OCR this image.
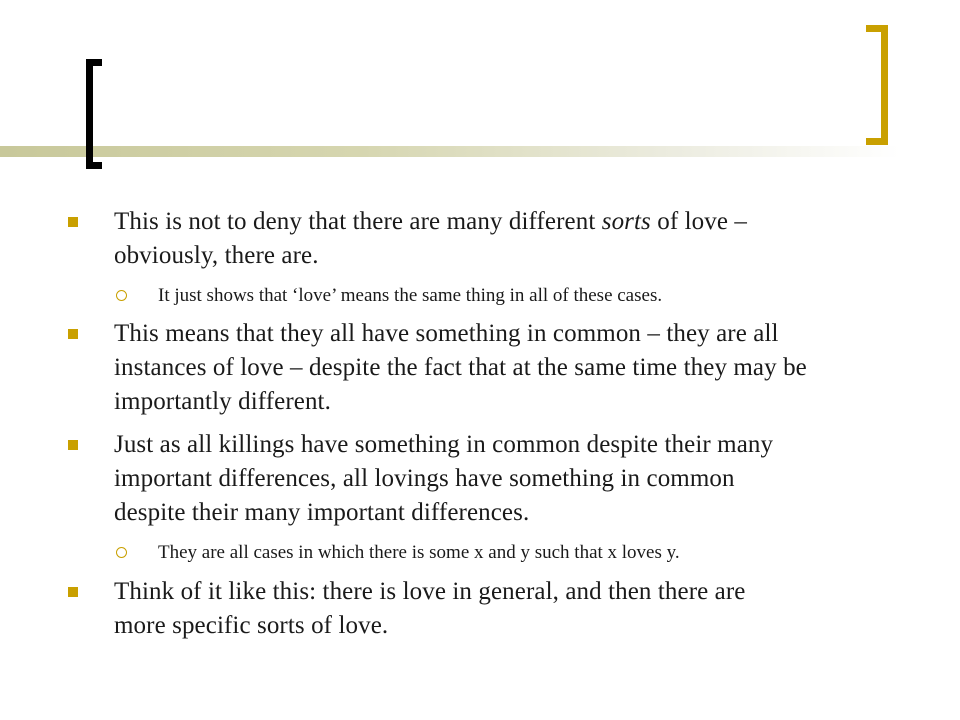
This is not to deny that there are many different sorts of love –
obviously, there are.
It just shows that ‘love’ means the same thing in all of these cases.
This means that they all have something in common – they are all
instances of love – despite the fact that at the same time they may be
importantly different.
Just as all killings have something in common despite their many
important differences, all lovings have something in common
despite their many important differences.
They are all cases in which there is some x and y such that x loves y.
Think of it like this: there is love in general, and then there are
more specific sorts of love.
